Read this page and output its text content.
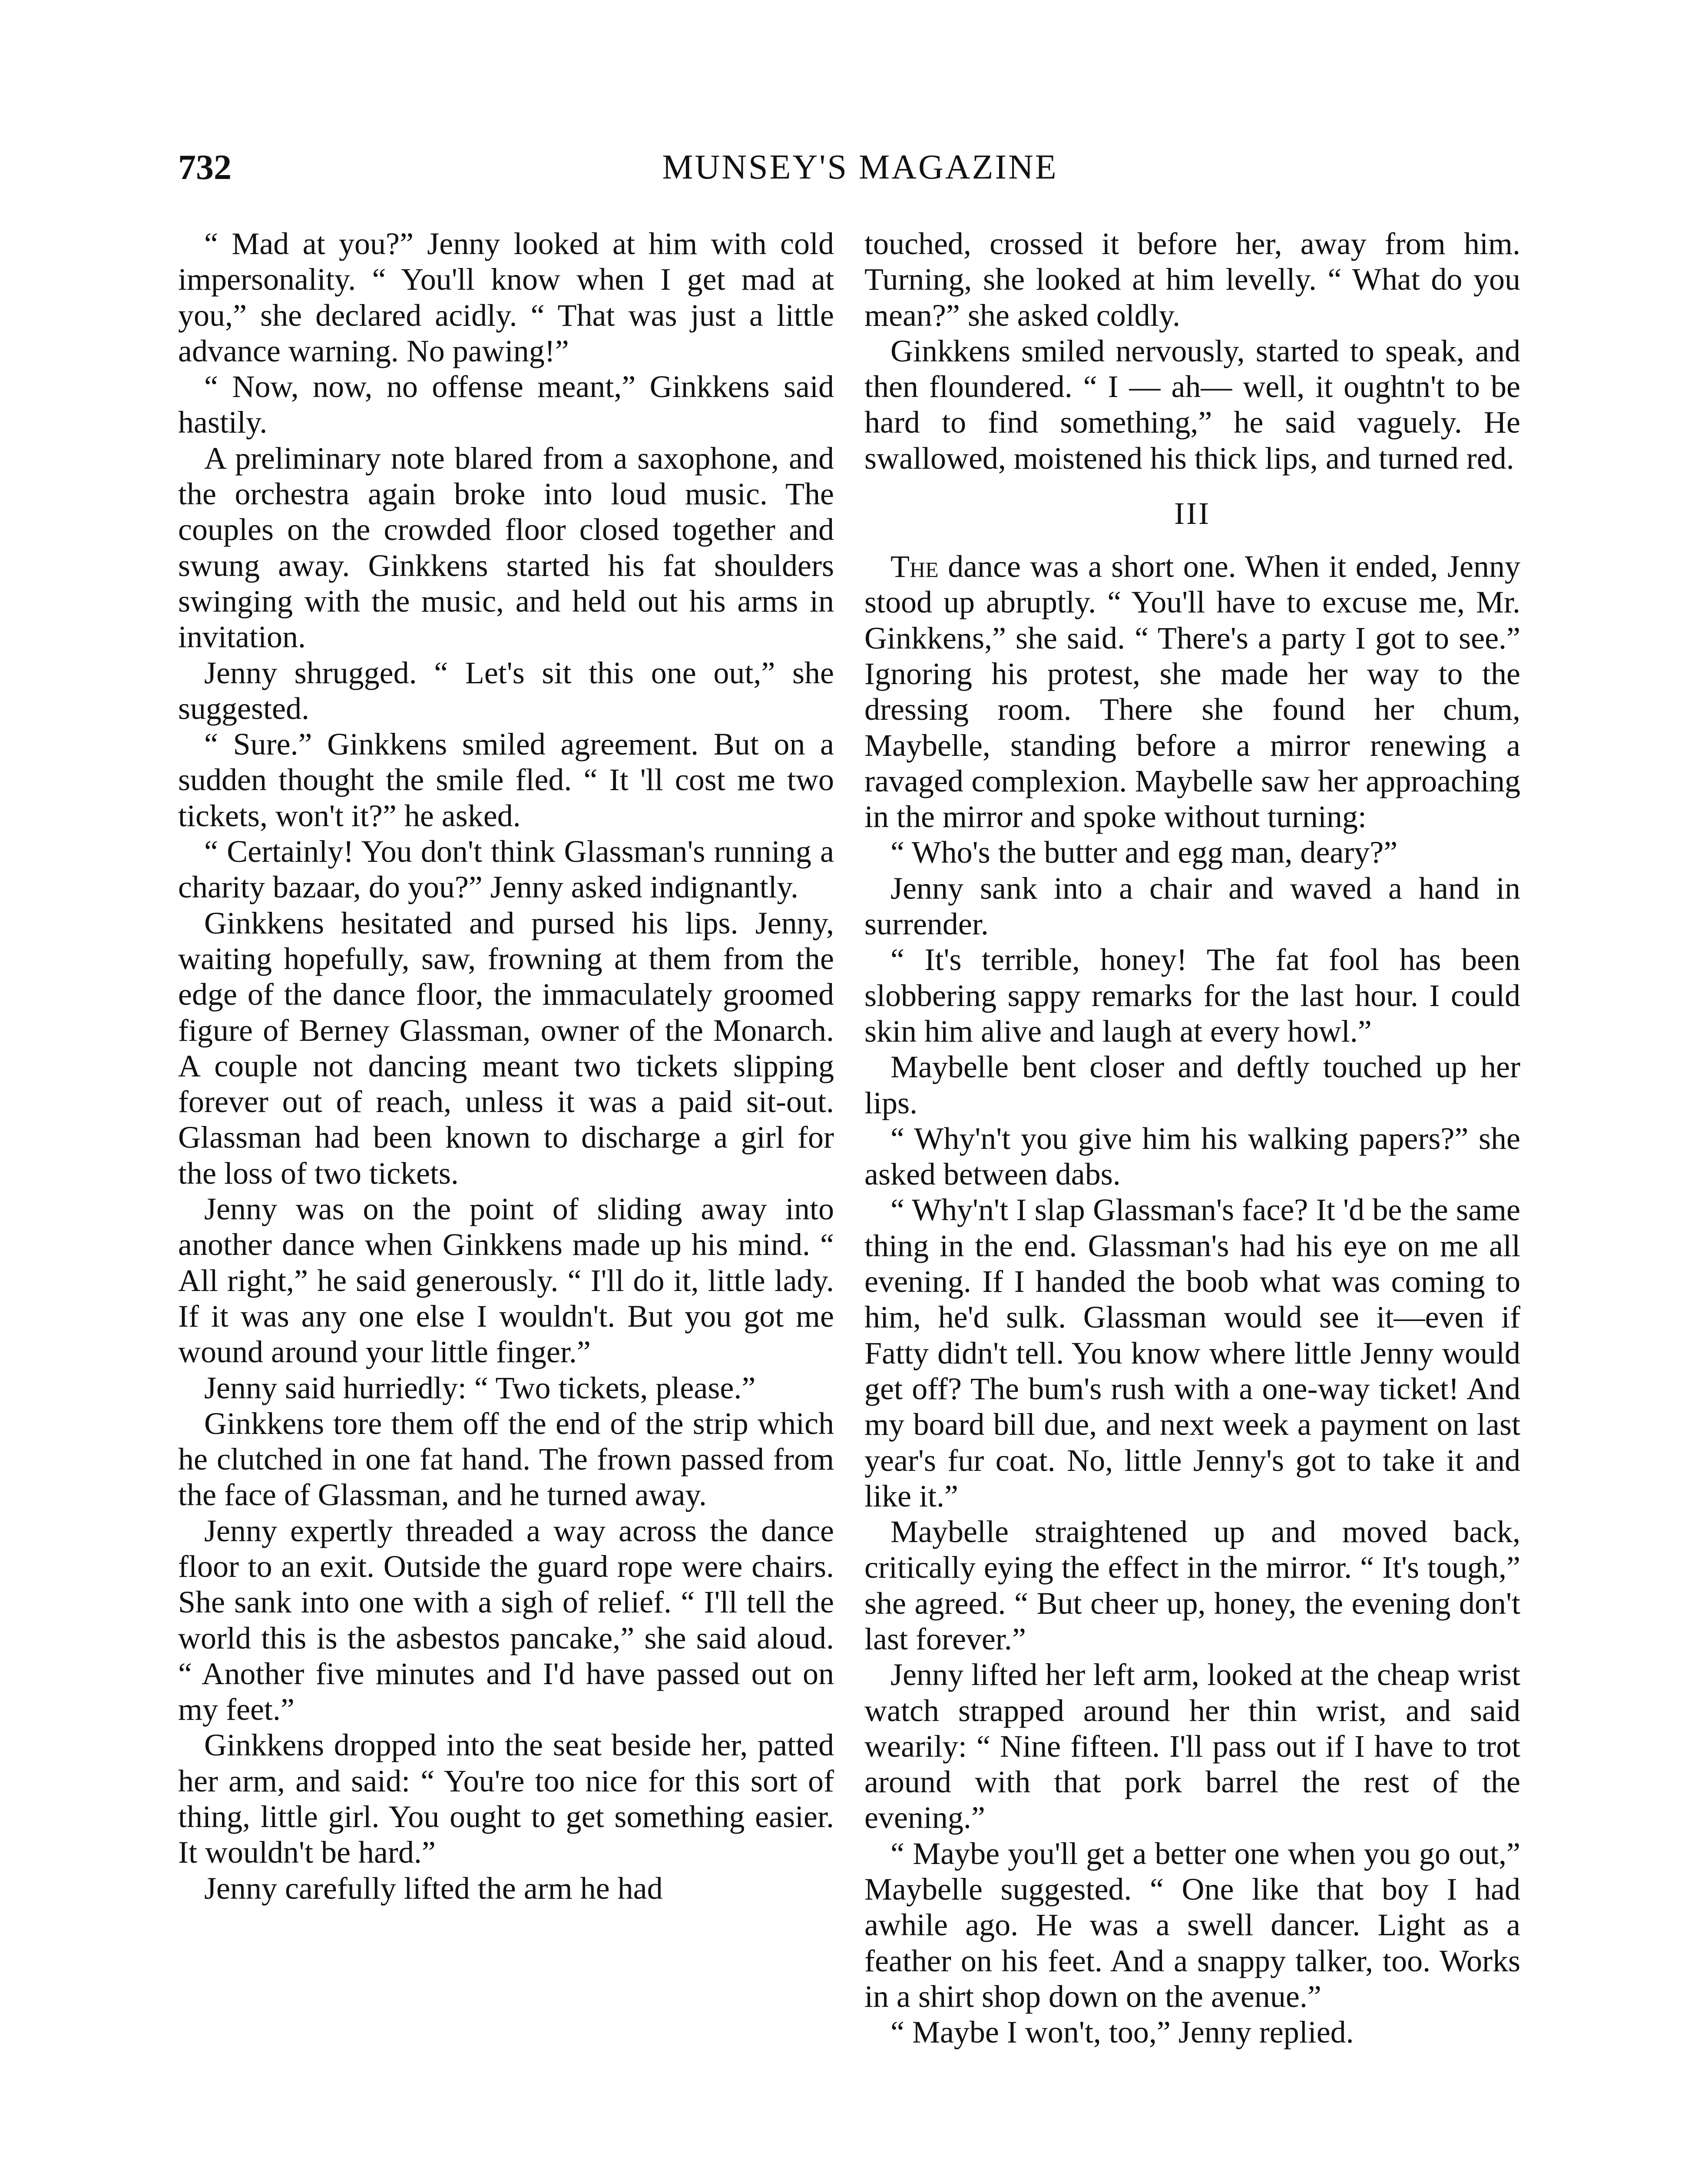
732	MUNSEY'S MAGAZINE

“ Mad at you?” Jenny looked at him with cold impersonality. “ You'll know when I get mad at you,” she declared acidly. “ That was just a little advance warning. No pawing!”

“ Now, now, no offense meant,” Ginkkens said hastily.

A preliminary note blared from a saxophone, and the orchestra again broke into loud music. The couples on the crowded floor closed together and swung away. Ginkkens started his fat shoulders swinging with the music, and held out his arms in invitation.

Jenny shrugged. “ Let's sit this one out,” she suggested.

“ Sure.” Ginkkens smiled agreement. But on a sudden thought the smile fled. “ It 'll cost me two tickets, won't it?” he asked.

“ Certainly! You don't think Glassman's running a charity bazaar, do you?” Jenny asked indignantly.

Ginkkens hesitated and pursed his lips. Jenny, waiting hopefully, saw, frowning at them from the edge of the dance floor, the immaculately groomed figure of Berney Glassman, owner of the Monarch. A couple not dancing meant two tickets slipping forever out of reach, unless it was a paid sit-out. Glassman had been known to discharge a girl for the loss of two tickets.

Jenny was on the point of sliding away into another dance when Ginkkens made up his mind. “ All right,” he said generously. “ I'll do it, little lady. If it was any one else I wouldn't. But you got me wound around your little finger.”

Jenny said hurriedly: “ Two tickets, please.”

Ginkkens tore them off the end of the strip which he clutched in one fat hand. The frown passed from the face of Glassman, and he turned away.

Jenny expertly threaded a way across the dance floor to an exit. Outside the guard rope were chairs. She sank into one with a sigh of relief. “ I'll tell the world this is the asbestos pancake,” she said aloud. “ Another five minutes and I'd have passed out on my feet.”

Ginkkens dropped into the seat beside her, patted her arm, and said: “ You're too nice for this sort of thing, little girl. You ought to get something easier. It wouldn't be hard.”

Jenny carefully lifted the arm he had

touched, crossed it before her, away from him. Turning, she looked at him levelly. “ What do you mean?” she asked coldly.

Ginkkens smiled nervously, started to speak, and then floundered. “ I — ah— well, it oughtn't to be hard to find something,” he said vaguely. He swallowed, moistened his thick lips, and turned red.

III

The dance was a short one. When it ended, Jenny stood up abruptly. “ You'll have to excuse me, Mr. Ginkkens,” she said. “ There's a party I got to see.” Ignoring his protest, she made her way to the dressing room. There she found her chum, Maybelle, standing before a mirror renewing a ravaged complexion. Maybelle saw her approaching in the mirror and spoke without turning:

“ Who's the butter and egg man, deary?”

Jenny sank into a chair and waved a hand in surrender.

“ It's terrible, honey! The fat fool has been slobbering sappy remarks for the last hour. I could skin him alive and laugh at every howl.”

Maybelle bent closer and deftly touched up her lips.

“ Why'n't you give him his walking papers?” she asked between dabs.

“ Why'n't I slap Glassman's face? It 'd be the same thing in the end. Glassman's had his eye on me all evening. If I handed the boob what was coming to him, he'd sulk. Glassman would see it—even if Fatty didn't tell. You know where little Jenny would get off? The bum's rush with a one-way ticket! And my board bill due, and next week a payment on last year's fur coat. No, little Jenny's got to take it and like it.”

Maybelle straightened up and moved back, critically eying the effect in the mirror. “ It's tough,” she agreed. “ But cheer up, honey, the evening don't last forever.”

Jenny lifted her left arm, looked at the cheap wrist watch strapped around her thin wrist, and said wearily: “ Nine fifteen. I'll pass out if I have to trot around with that pork barrel the rest of the evening.”

“ Maybe you'll get a better one when you go out,” Maybelle suggested. “ One like that boy I had awhile ago. He was a swell dancer. Light as a feather on his feet. And a snappy talker, too. Works in a shirt shop down on the avenue.”

“ Maybe I won't, too,” Jenny replied.
